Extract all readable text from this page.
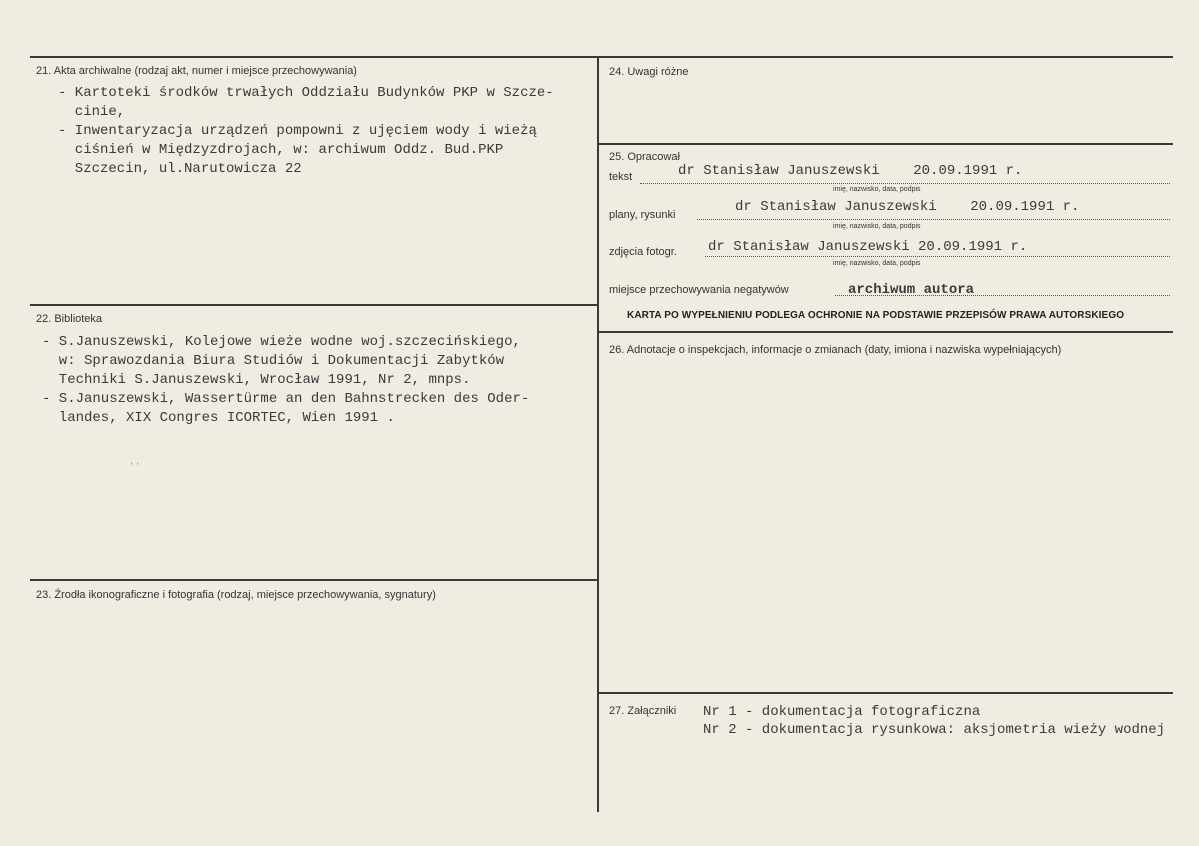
21. Akta archiwalne (rodzaj akt, numer i miejsce przechowywania)
- Kartoteki środków trwałych Oddziału Budynków PKP w Szcze-
cinie,
- Inwentaryzacja urządzeń pompowni z ujęciem wody i wieżą
ciśnień w Międzyzdrojach, w: archiwum Oddz. Bud.PKP
Szczecin, ul.Narutowicza 22
22. Biblioteka
- S.Januszewski, Kolejowe wieże wodne woj.szczecińskiego,
w: Sprawozdania Biura Studiów i Dokumentacji Zabytków
Techniki S.Januszewski, Wrocław 1991, Nr 2, mnps.
- S.Januszewski, Wassertürme an den Bahnstrecken des Oder-
landes, XIX Congres ICORTEC, Wien 1991 .
, ,
23. Źrodła ikonograficzne i fotografia (rodzaj, miejsce przechowywania, sygnatury)
24. Uwagi różne
25. Opracował
tekst	dr Stanisław Januszewski    20.09.1991 r.
imię, nazwisko, data, podpis
plany, rysunki	dr Stanisław Januszewski    20.09.1991 r.
imię, nazwisko, data, podpis
zdjęcia fotogr. dr Stanisław Januszewski 20.09.1991 r.
imię, nazwisko, data, podpis
miejsce przechowywania negatywów	archiwum autora
KARTA PO WYPEŁNIENIU PODLEGA OCHRONIE NA PODSTAWIE PRZEPISÓW PRAWA AUTORSKIEGO
26. Adnotacje o inspekcjach, informacje o zmianach (daty, imiona i nazwiska wypełniających)
27. Załączniki Nr 1 - dokumentacja fotograficzna
Nr 2 - dokumentacja rysunkowa: aksjometria wieży wodnej
